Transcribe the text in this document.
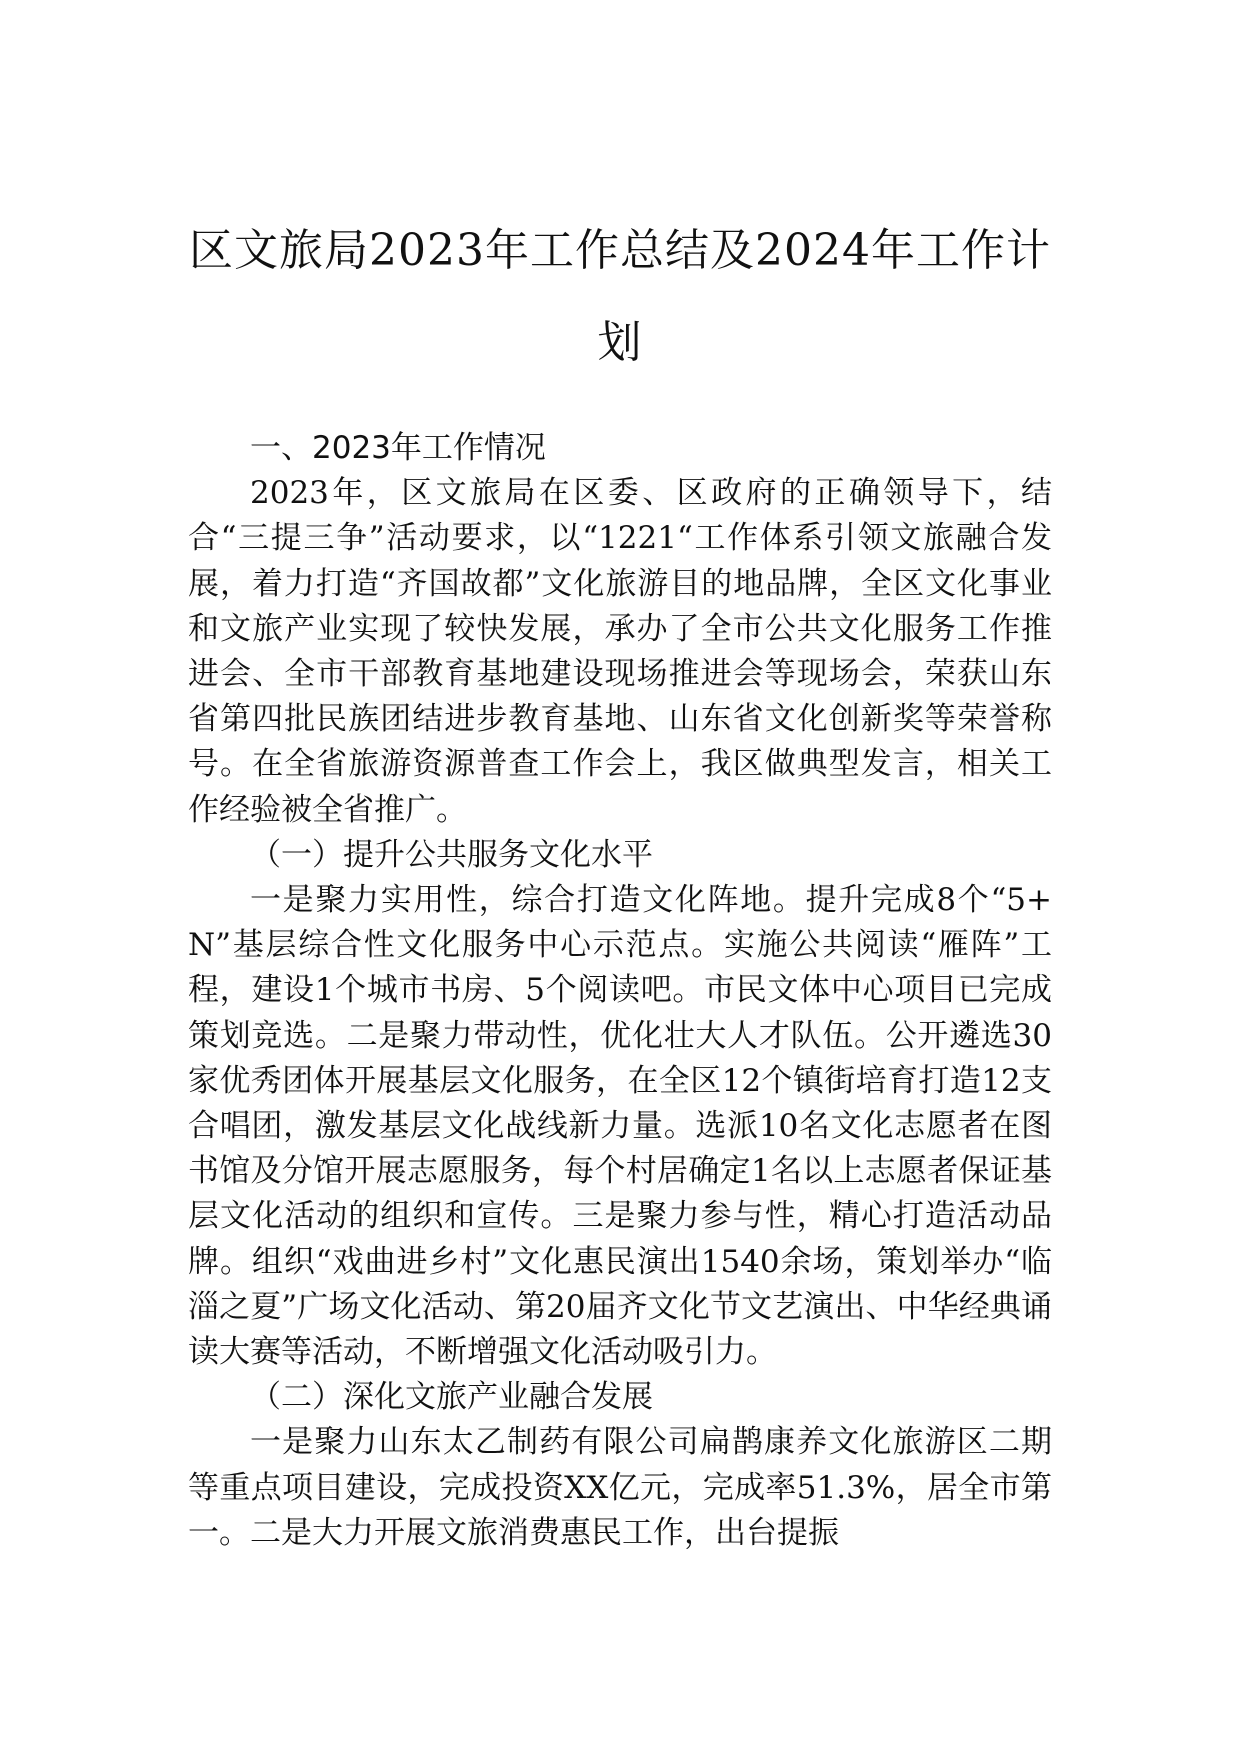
区文旅局2023年工作总结及2024年工作计划

一、2023年工作情况

2023年，区文旅局在区委、区政府的正确领导下，结合“三提三争”活动要求，以“1221“工作体系引领文旅融合发展，着力打造“齐国故都”文化旅游目的地品牌，全区文化事业和文旅产业实现了较快发展，承办了全市公共文化服务工作推进会、全市干部教育基地建设现场推进会等现场会，荣获山东省第四批民族团结进步教育基地、山东省文化创新奖等荣誉称号。在全省旅游资源普查工作会上，我区做典型发言，相关工作经验被全省推广。

（一）提升公共服务文化水平

一是聚力实用性，综合打造文化阵地。提升完成8个“5+N”基层综合性文化服务中心示范点。实施公共阅读“雁阵”工程，建设1个城市书房、5个阅读吧。市民文体中心项目已完成策划竞选。二是聚力带动性，优化壮大人才队伍。公开遴选30家优秀团体开展基层文化服务，在全区12个镇街培育打造12支合唱团，激发基层文化战线新力量。选派10名文化志愿者在图书馆及分馆开展志愿服务，每个村居确定1名以上志愿者保证基层文化活动的组织和宣传。三是聚力参与性，精心打造活动品牌。组织“戏曲进乡村”文化惠民演出1540余场，策划举办“临淄之夏”广场文化活动、第20届齐文化节文艺演出、中华经典诵读大赛等活动，不断增强文化活动吸引力。

（二）深化文旅产业融合发展

一是聚力山东太乙制药有限公司扁鹊康养文化旅游区二期等重点项目建设，完成投资XX亿元，完成率51.3%，居全市第一。二是大力开展文旅消费惠民工作，出台提振
